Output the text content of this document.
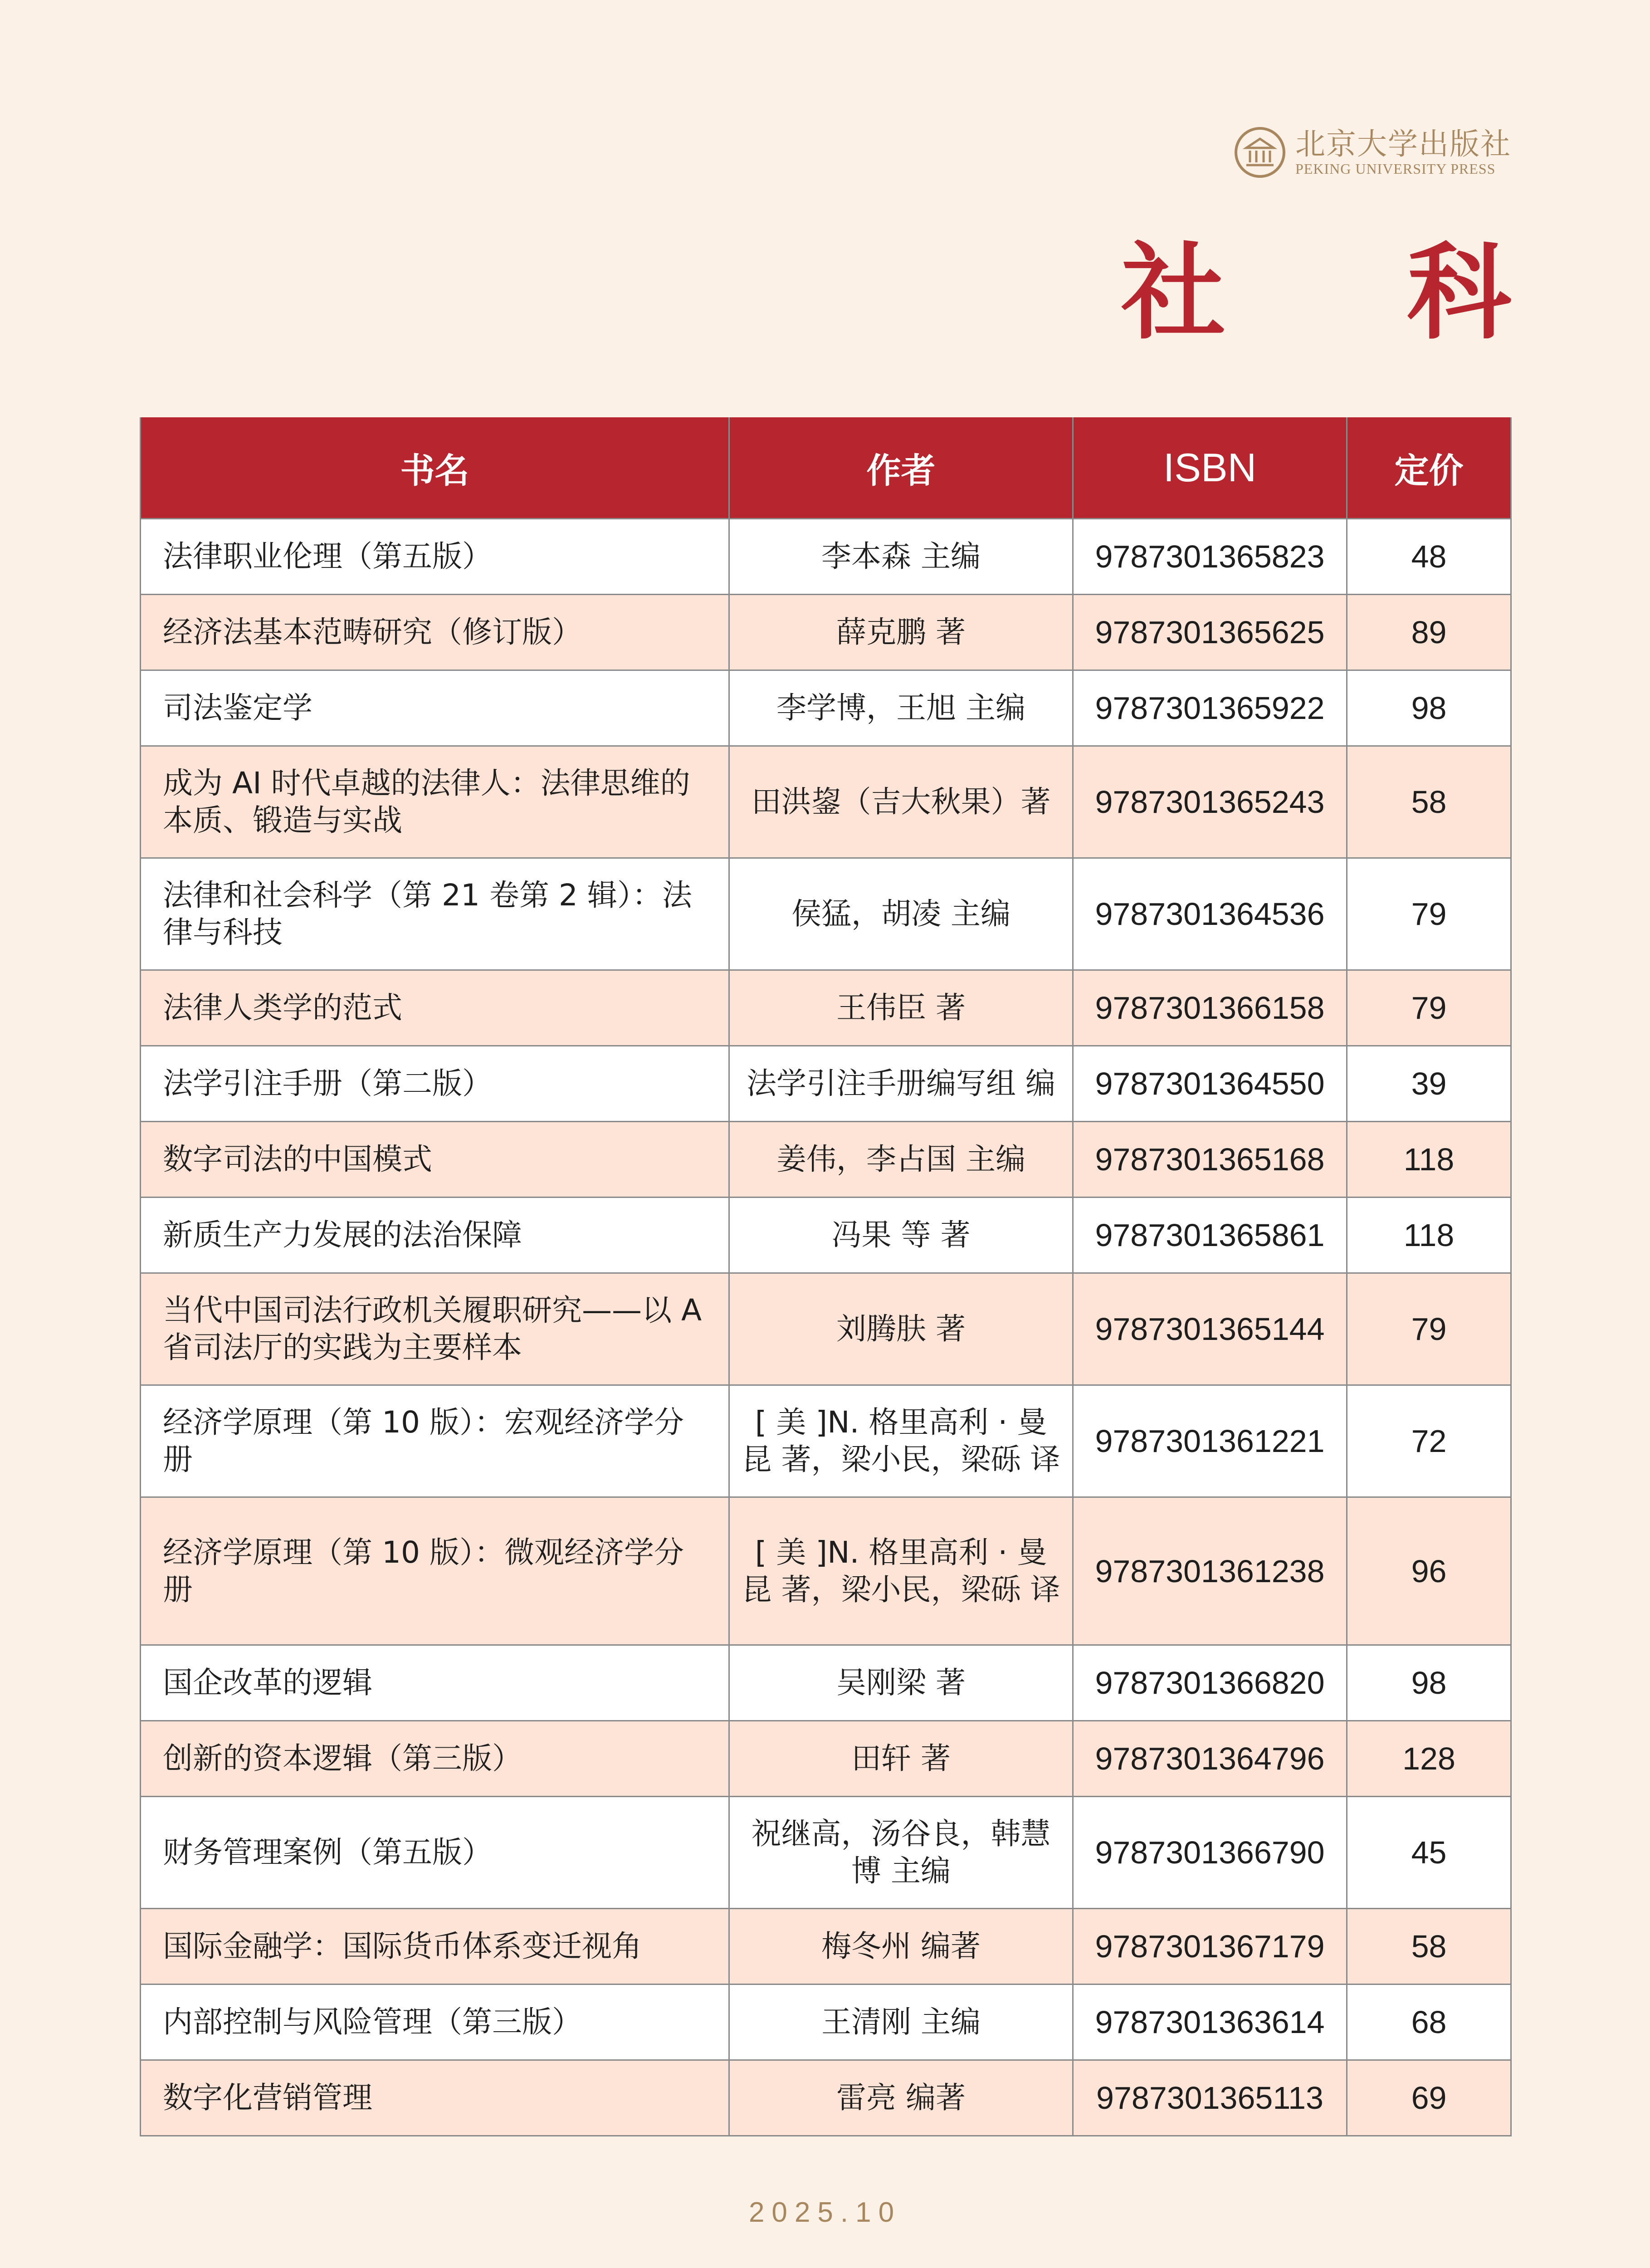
北京大学出版社
PEKING UNIVERSITY PRESS
社 科
书名	作者	ISBN	定价
法律职业伦理（第五版）	李本森 主编	9787301365823	48
经济法基本范畴研究（修订版）	薛克鹏 著	9787301365625	89
司法鉴定学	李学博，王旭 主编	9787301365922	98
成为 AI 时代卓越的法律人：法律思维的本质、锻造与实战	田洪鋆（吉大秋果）著	9787301365243	58
法律和社会科学（第 21 卷第 2 辑）：法律与科技	侯猛，胡凌 主编	9787301364536	79
法律人类学的范式	王伟臣 著	9787301366158	79
法学引注手册（第二版）	法学引注手册编写组 编	9787301364550	39
数字司法的中国模式	姜伟，李占国 主编	9787301365168	118
新质生产力发展的法治保障	冯果 等 著	9787301365861	118
当代中国司法行政机关履职研究——以 A 省司法厅的实践为主要样本	刘腾肤 著	9787301365144	79
经济学原理（第 10 版）：宏观经济学分册	[ 美 ]N. 格里高利 · 曼昆 著，梁小民，梁砾 译	9787301361221	72
经济学原理（第 10 版）：微观经济学分册	[ 美 ]N. 格里高利 · 曼昆 著，梁小民，梁砾 译	9787301361238	96
国企改革的逻辑	吴刚梁 著	9787301366820	98
创新的资本逻辑（第三版）	田轩 著	9787301364796	128
财务管理案例（第五版）	祝继高，汤谷良，韩慧博 主编	9787301366790	45
国际金融学：国际货币体系变迁视角	梅冬州 编著	9787301367179	58
内部控制与风险管理（第三版）	王清刚 主编	9787301363614	68
数字化营销管理	雷亮 编著	9787301365113	69
2025.10
